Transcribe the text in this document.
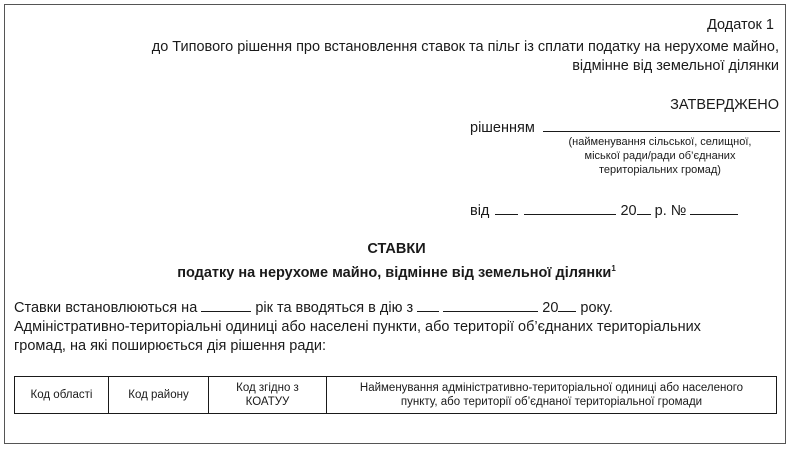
Додаток 1
до Типового рішення про встановлення ставок та пільг із сплати податку на нерухоме майно,
відмінне від земельної ділянки
ЗАТВЕРДЖЕНО
рішенням
(найменування сільської, селищної,
міської ради/ради об’єднаних
територіальних громад)
від	20 р. №
СТАВКИ
податку на нерухоме майно, відмінне від земельної ділянки$^1$
Ставки встановлюються на	рік та вводяться в дію з	20 року.
Адміністративно-територіальні одиниці або населені пункти, або території об’єднаних територіальних
громад, на які поширюється дія рішення ради:
Код області	Код району	Код згідно з КОАТУУ	Найменування адміністративно-територіальної одиниці або населеного пункту, або території об’єднаної територіальної громади
